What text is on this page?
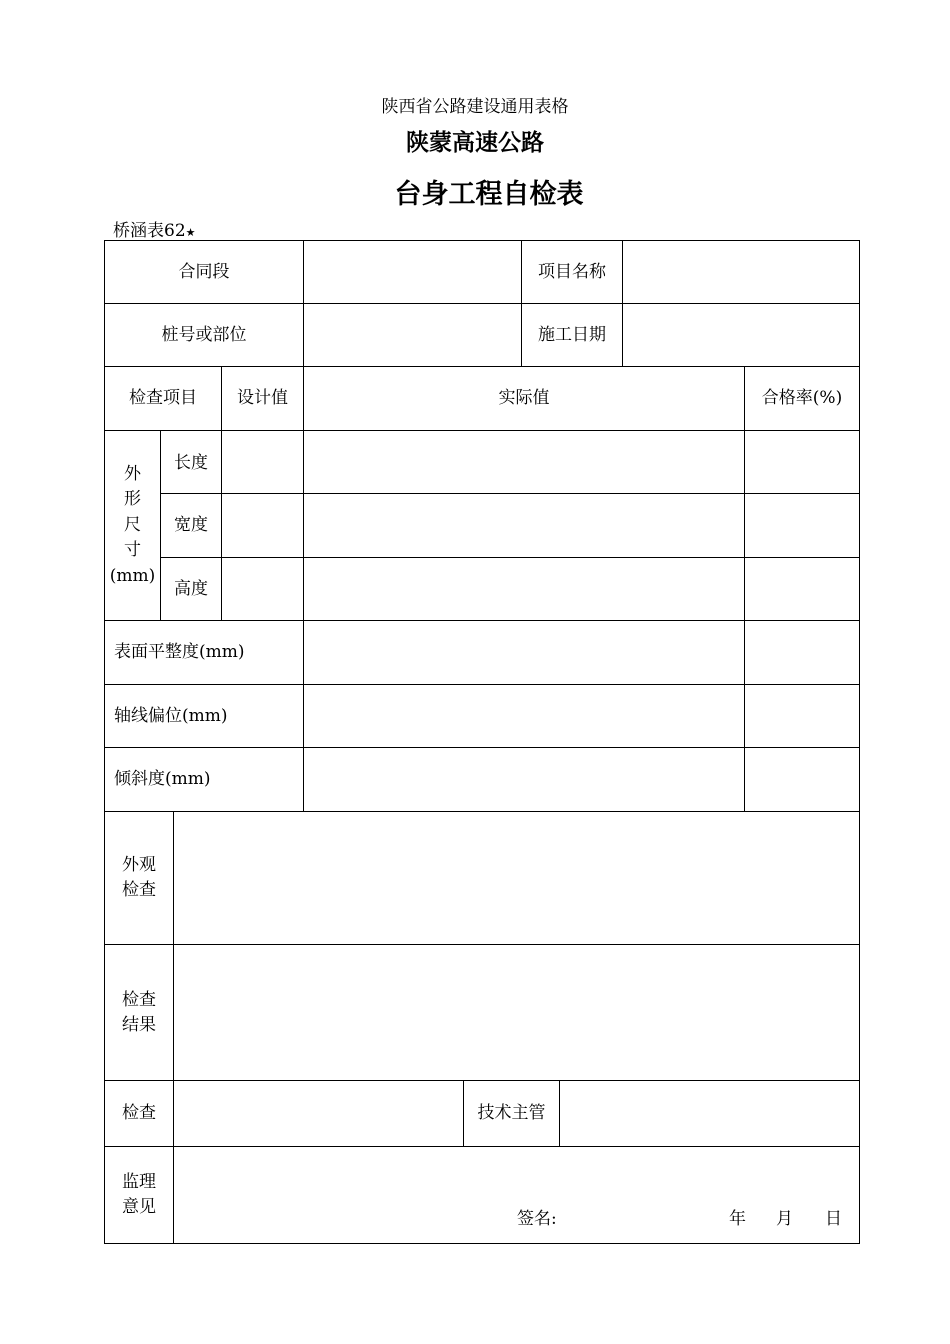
陕西省公路建设通用表格
陕蒙高速公路
台身工程自检表
桥涵表62★
合同段	项目名称
桩号或部位	施工日期
检查项目	设计值	实际值	合格率(%)
外
形
尺
寸
(mm)
长度
宽度
高度
表面平整度(mm)
轴线偏位(mm)
倾斜度(mm)
外观
检查
检查
结果
检查	技术主管
监理
意见
签名:	年 月 日
